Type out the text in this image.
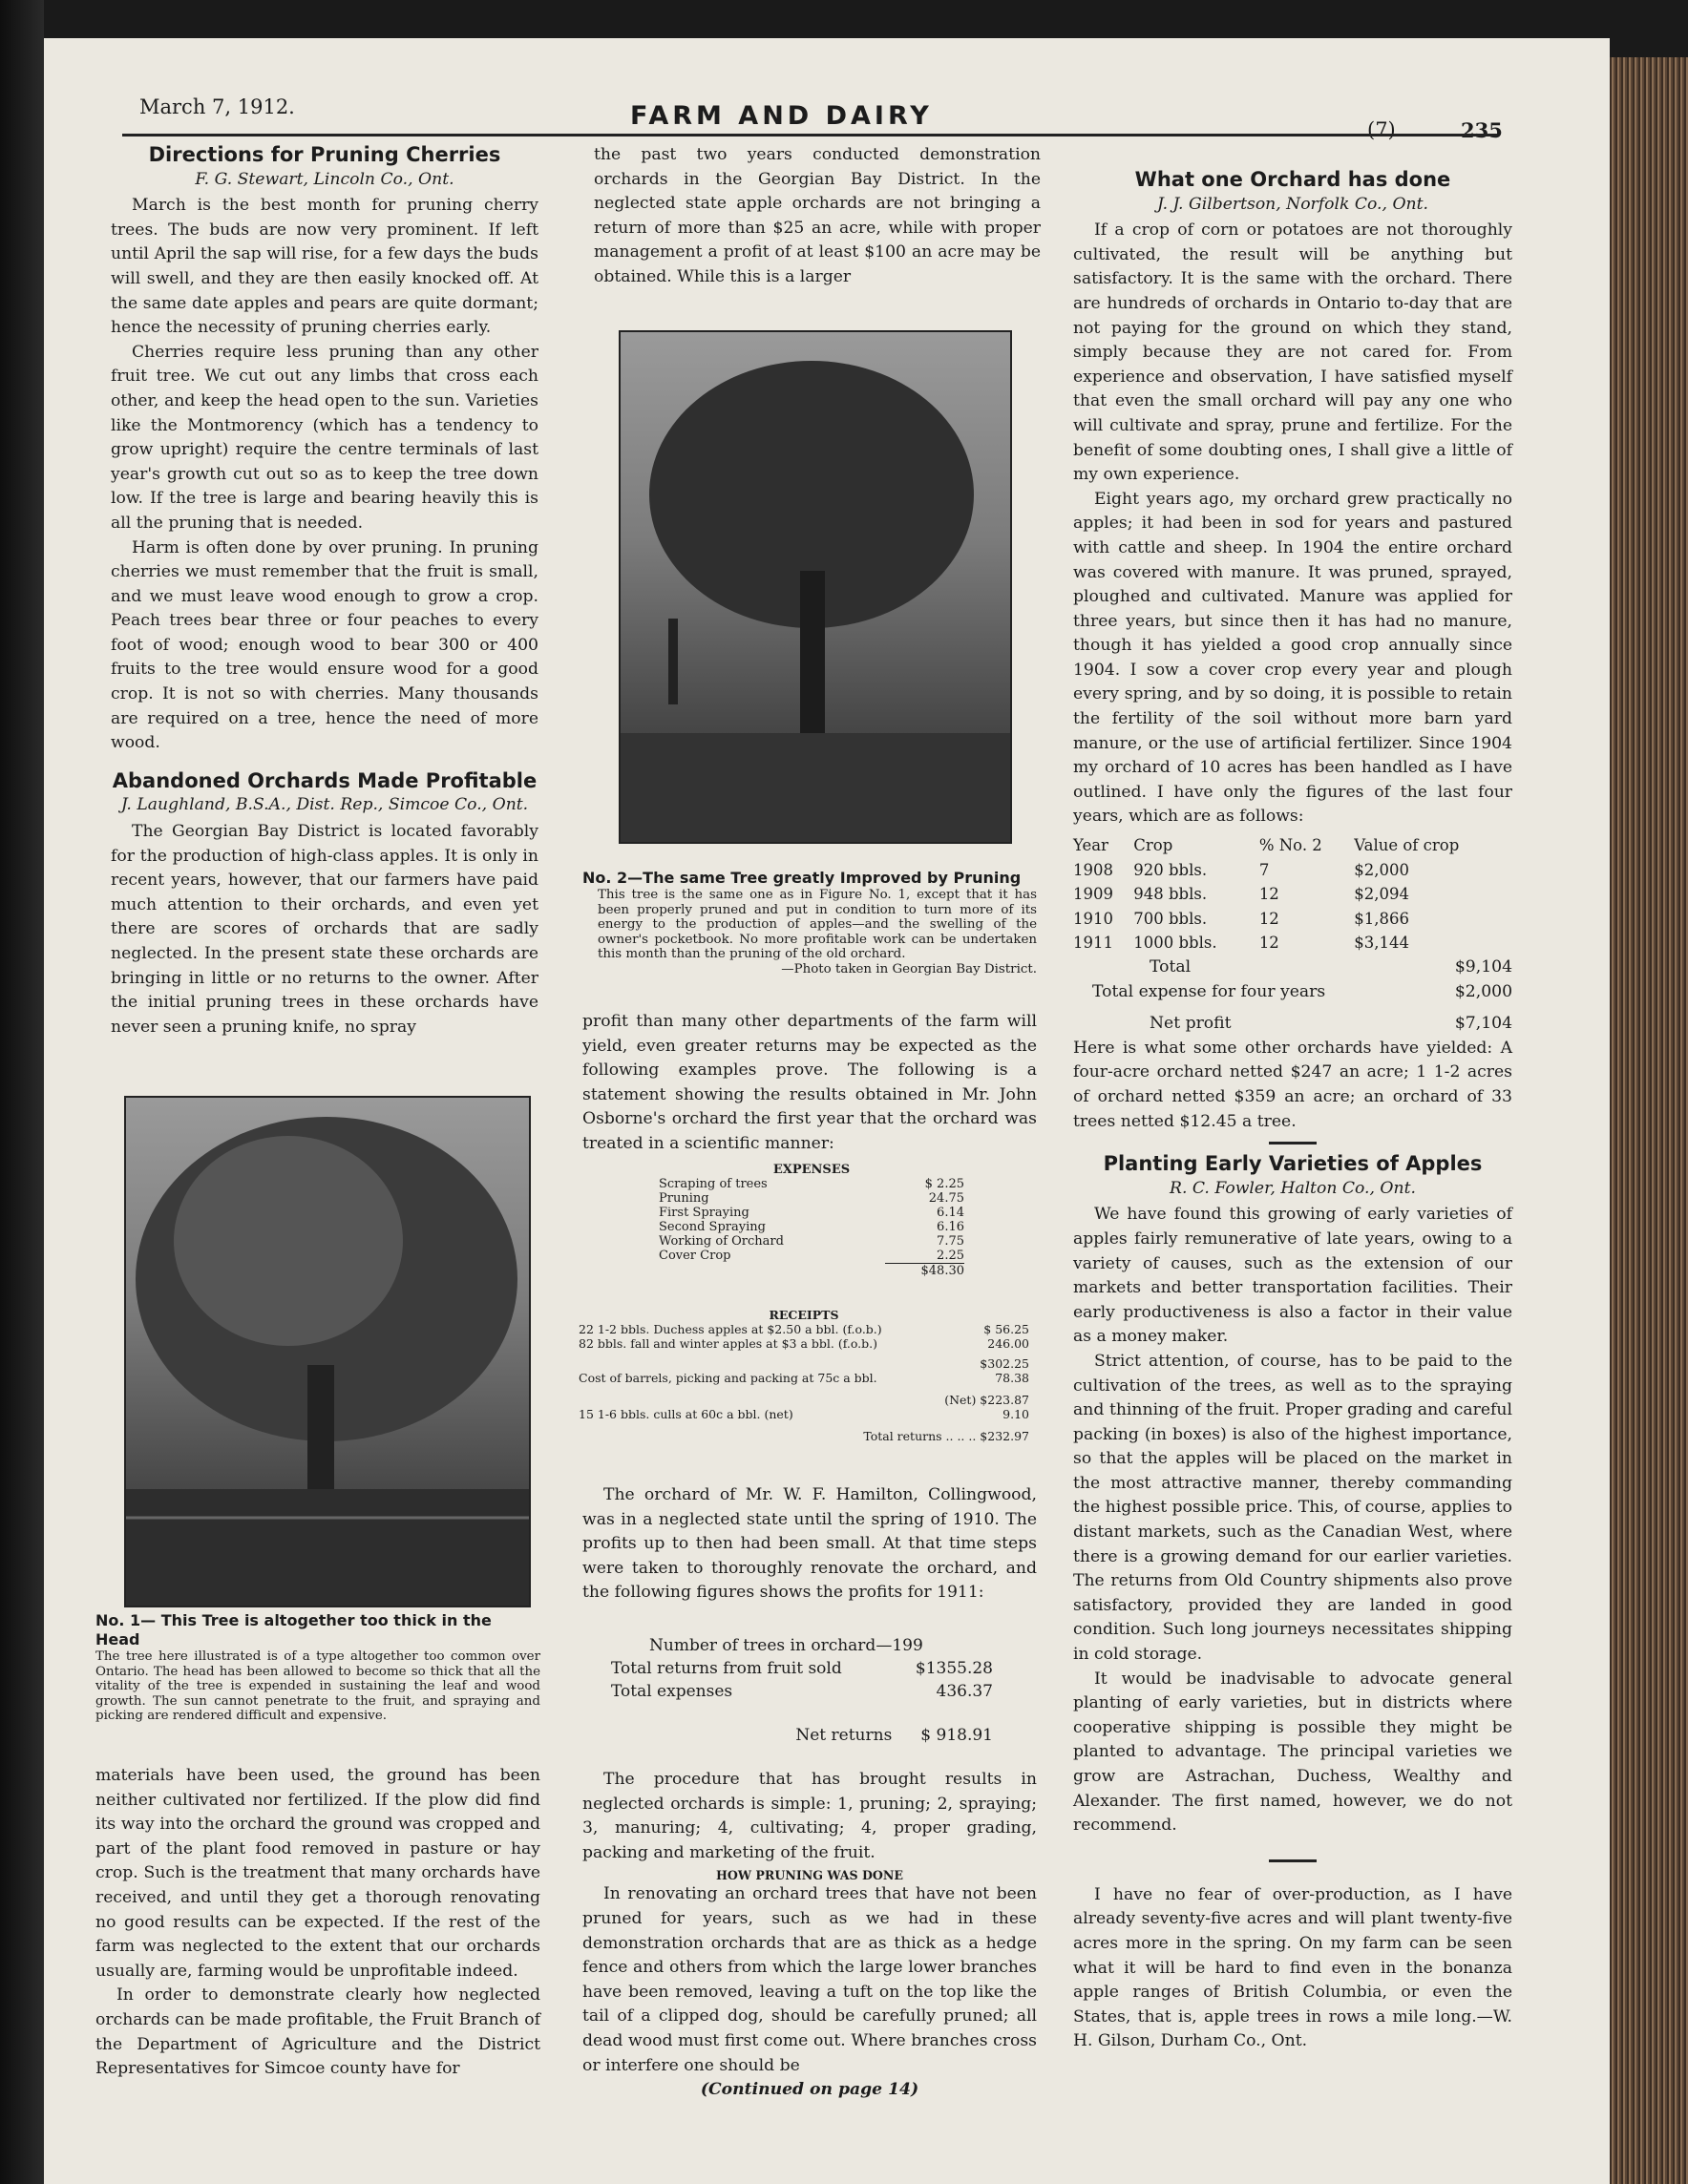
March 7, 1912.	FARM AND DAIRY	(7)	235
Directions for Pruning Cherries
F. G. Stewart, Lincoln Co., Ont.

March is the best month for pruning cherry trees. The buds are now very prominent. If left until April the sap will rise, for a few days the buds will swell, and they are then easily knocked off. At the same date apples and pears are quite dormant; hence the necessity of pruning cherries early.

Cherries require less pruning than any other fruit tree. We cut out any limbs that cross each other, and keep the head open to the sun. Varieties like the Montmorency (which has a tendency to grow upright) require the centre terminals of last year's growth cut out so as to keep the tree down low. If the tree is large and bearing heavily this is all the pruning that is needed.

Harm is often done by over pruning. In pruning cherries we must remember that the fruit is small, and we must leave wood enough to grow a crop. Peach trees bear three or four peaches to every foot of wood; enough wood to bear 300 or 400 fruits to the tree would ensure wood for a good crop. It is not so with cherries. Many thousands are required on a tree, hence the need of more wood.

Abandoned Orchards Made Profitable
J. Laughland, B.S.A., Dist. Rep., Simcoe Co., Ont.

The Georgian Bay District is located favorably for the production of high-class apples. It is only in recent years, however, that our farmers have paid much attention to their orchards, and even yet there are scores of orchards that are sadly neglected. In the present state these orchards are bringing in little or no returns to the owner. After the initial pruning trees in these orchards have never seen a pruning knife, no spray

No. 1— This Tree is altogether too thick in the Head
The tree here illustrated is of a type altogether too common over Ontario. The head has been allowed to become so thick that all the vitality of the tree is expended in sustaining the leaf and wood growth. The sun cannot penetrate to the fruit, and spraying and picking are rendered difficult and expensive.

materials have been used, the ground has been neither cultivated nor fertilized. If the plow did find its way into the orchard the ground was cropped and part of the plant food removed in pasture or hay crop. Such is the treatment that many orchards have received, and until they get a thorough renovating no good results can be expected. If the rest of the farm was neglected to the extent that our orchards usually are, farming would be unprofitable indeed.

In order to demonstrate clearly how neglected orchards can be made profitable, the Fruit Branch of the Department of Agriculture and the District Representatives for Simcoe county have for

the past two years conducted demonstration orchards in the Georgian Bay District. In the neglected state apple orchards are not bringing a return of more than $25 an acre, while with proper management a profit of at least $100 an acre may be obtained. While this is a larger

No. 2—The same Tree greatly Improved by Pruning
This tree is the same one as in Figure No. 1, except that it has been properly pruned and put in condition to turn more of its energy to the production of apples—and the swelling of the owner's pocketbook. No more profitable work can be undertaken this month than the pruning of the old orchard.
—Photo taken in Georgian Bay District.

profit than many other departments of the farm will yield, even greater returns may be expected as the following examples prove. The following is a statement showing the results obtained in Mr. John Osborne's orchard the first year that the orchard was treated in a scientific manner:

EXPENSES
Scraping of trees	$ 2.25
Pruning	24.75
First Spraying	6.14
Second Spraying	6.16
Working of Orchard	7.75
Cover Crop	2.25
	$48.30
RECEIPTS
22 1-2 bbls. Duchess apples at $2.50 a bbl. (f.o.b.)	$ 56.25
82 bbls. fall and winter apples at $3 a bbl. (f.o.b.)	246.00
$302.25
Cost of barrels, picking and packing at 75c a bbl.	78.38
(Net) $223.87
15 1-6 bbls. culls at 60c a bbl. (net)	9.10
Total returns .. .. .. $232.97

The orchard of Mr. W. F. Hamilton, Collingwood, was in a neglected state until the spring of 1910. The profits up to then had been small. At that time steps were taken to thoroughly renovate the orchard, and the following figures shows the profits for 1911:

Number of trees in orchard—199
Total returns from fruit sold	$1355.28
Total expenses	436.37
Net returns $ 918.91

The procedure that has brought results in neglected orchards is simple: 1, pruning; 2, spraying; 3, manuring; 4, cultivating; 4, proper grading, packing and marketing of the fruit.

HOW PRUNING WAS DONE

In renovating an orchard trees that have not been pruned for years, such as we had in these demonstration orchards that are as thick as a hedge fence and others from which the large lower branches have been removed, leaving a tuft on the top like the tail of a clipped dog, should be carefully pruned; all dead wood must first come out. Where branches cross or interfere one should be

(Continued on page 14)
What one Orchard has done
J. J. Gilbertson, Norfolk Co., Ont.

If a crop of corn or potatoes are not thoroughly cultivated, the result will be anything but satisfactory. It is the same with the orchard. There are hundreds of orchards in Ontario to-day that are not paying for the ground on which they stand, simply because they are not cared for. From experience and observation, I have satisfied myself that even the small orchard will pay any one who will cultivate and spray, prune and fertilize. For the benefit of some doubting ones, I shall give a little of my own experience.

Eight years ago, my orchard grew practically no apples; it had been in sod for years and pastured with cattle and sheep. In 1904 the entire orchard was covered with manure. It was pruned, sprayed, ploughed and cultivated. Manure was applied for three years, but since then it has had no manure, though it has yielded a good crop annually since 1904. I sow a cover crop every year and plough every spring, and by so doing, it is possible to retain the fertility of the soil without more barn yard manure, or the use of artificial fertilizer. Since 1904 my orchard of 10 acres has been handled as I have outlined. I have only the figures of the last four years, which are as follows:

Year	Crop	% No. 2	Value of crop
1908	920 bbls.	7	$2,000
1909	948 bbls.	12	$2,094
1910	700 bbls.	12	$1,866
1911	1000 bbls.	12	$3,144
Total	$9,104
Total expense for four years	$2,000
Net profit	$7,104

Here is what some other orchards have yielded: A four-acre orchard netted $247 an acre; 1 1-2 acres of orchard netted $359 an acre; an orchard of 33 trees netted $12.45 a tree.

Planting Early Varieties of Apples
R. C. Fowler, Halton Co., Ont.

We have found this growing of early varieties of apples fairly remunerative of late years, owing to a variety of causes, such as the extension of our markets and better transportation facilities. Their early productiveness is also a factor in their value as a money maker.

Strict attention, of course, has to be paid to the cultivation of the trees, as well as to the spraying and thinning of the fruit. Proper grading and careful packing (in boxes) is also of the highest importance, so that the apples will be placed on the market in the most attractive manner, thereby commanding the highest possible price. This, of course, applies to distant markets, such as the Canadian West, where there is a growing demand for our earlier varieties. The returns from Old Country shipments also prove satisfactory, provided they are landed in good condition. Such long journeys necessitates shipping in cold storage.

It would be inadvisable to advocate general planting of early varieties, but in districts where cooperative shipping is possible they might be planted to advantage. The principal varieties we grow are Astrachan, Duchess, Wealthy and Alexander. The first named, however, we do not recommend.

I have no fear of over-production, as I have already seventy-five acres and will plant twenty-five acres more in the spring. On my farm can be seen what it will be hard to find even in the bonanza apple ranges of British Columbia, or even the States, that is, apple trees in rows a mile long.—W. H. Gilson, Durham Co., Ont.
